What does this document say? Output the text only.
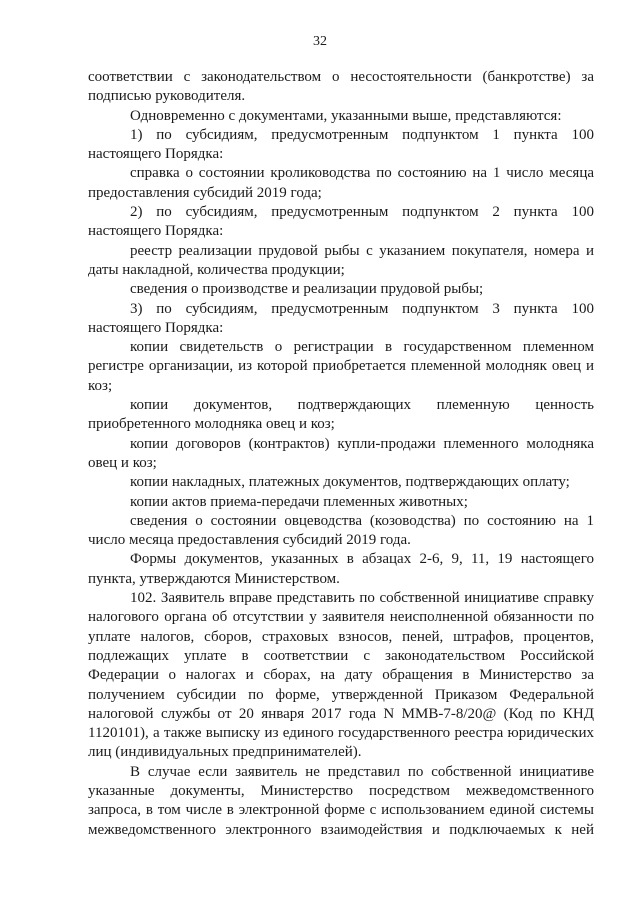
32

соответствии с законодательством о несостоятельности (банкротстве) за подписью руководителя.

Одновременно с документами, указанными выше, представляются:

1) по субсидиям, предусмотренным подпунктом 1 пункта 100 настоящего Порядка:

справка о состоянии кролиководства по состоянию на 1 число месяца предоставления субсидий 2019 года;

2) по субсидиям, предусмотренным подпунктом 2 пункта 100 настоящего Порядка:

реестр реализации прудовой рыбы с указанием покупателя, номера и даты накладной, количества продукции;

сведения о производстве и реализации прудовой рыбы;

3) по субсидиям, предусмотренным подпунктом 3 пункта 100 настоящего Порядка:

копии свидетельств о регистрации в государственном племенном регистре организации, из которой приобретается племенной молодняк овец и коз;

копии документов, подтверждающих племенную ценность приобретенного молодняка овец и коз;

копии договоров (контрактов) купли-продажи племенного молодняка овец и коз;

копии накладных, платежных документов, подтверждающих оплату;

копии актов приема-передачи племенных животных;

сведения о состоянии овцеводства (козоводства) по состоянию на 1 число месяца предоставления субсидий 2019 года.

Формы документов, указанных в абзацах 2-6, 9, 11, 19 настоящего пункта, утверждаются Министерством.

102. Заявитель вправе представить по собственной инициативе справку налогового органа об отсутствии у заявителя неисполненной обязанности по уплате налогов, сборов, страховых взносов, пеней, штрафов, процентов, подлежащих уплате в соответствии с законодательством Российской Федерации о налогах и сборах, на дату обращения в Министерство за получением субсидии по форме, утвержденной Приказом Федеральной налоговой службы от 20 января 2017 года N ММВ-7-8/20@ (Код по КНД 1120101), а также выписку из единого государственного реестра юридических лиц (индивидуальных предпринимателей).

В случае если заявитель не представил по собственной инициативе указанные документы, Министерство посредством межведомственного запроса, в том числе в электронной форме с использованием единой системы межведомственного электронного взаимодействия и подключаемых к ней
